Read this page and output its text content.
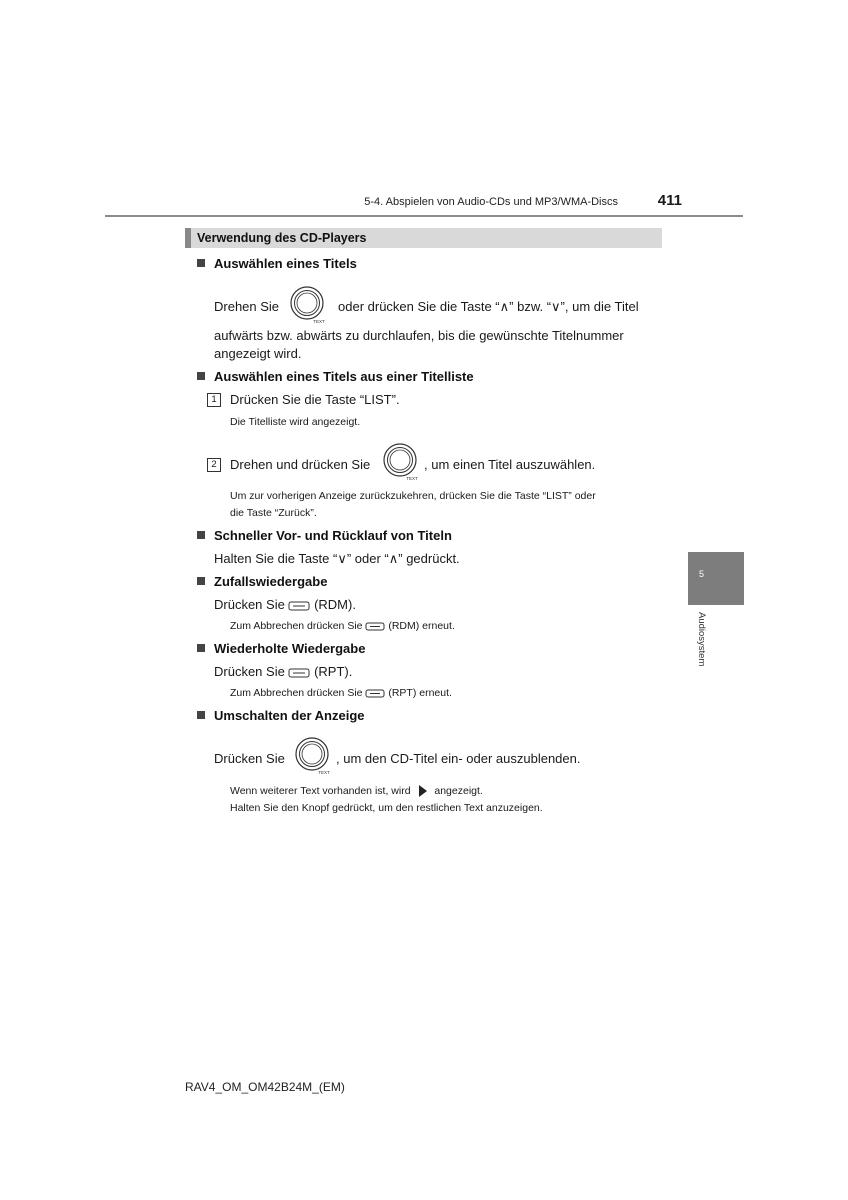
5-4. Abspielen von Audio-CDs und MP3/WMA-Discs	411
Verwendung des CD-Players
Auswählen eines Titels
Drehen Sie
TEXT
oder drücken Sie die Taste “∧” bzw. “∨”, um die Titel
aufwärts bzw. abwärts zu durchlaufen, bis die gewünschte Titelnummer
angezeigt wird.
Auswählen eines Titels aus einer Titelliste
1	Drücken Sie die Taste “LIST”.
Die Titelliste wird angezeigt.
2	Drehen und drücken Sie
TEXT
, um einen Titel auszuwählen.
Um zur vorherigen Anzeige zurückzukehren, drücken Sie die Taste “LIST” oder
die Taste “Zurück”.
Schneller Vor- und Rücklauf von Titeln
Halten Sie die Taste “∨” oder “∧” gedrückt.
Zufallswiedergabe
Drücken Sie (RDM).
Zum Abbrechen drücken Sie (RDM) erneut.
Wiederholte Wiedergabe
Drücken Sie (RPT).
Zum Abbrechen drücken Sie (RPT) erneut.
Umschalten der Anzeige
Drücken Sie
TEXT
, um den CD-Titel ein- oder auszublenden.
Wenn weiterer Text vorhanden ist, wird angezeigt.
Halten Sie den Knopf gedrückt, um den restlichen Text anzuzeigen.
5
Audiosystem
RAV4_OM_OM42B24M_(EM)
